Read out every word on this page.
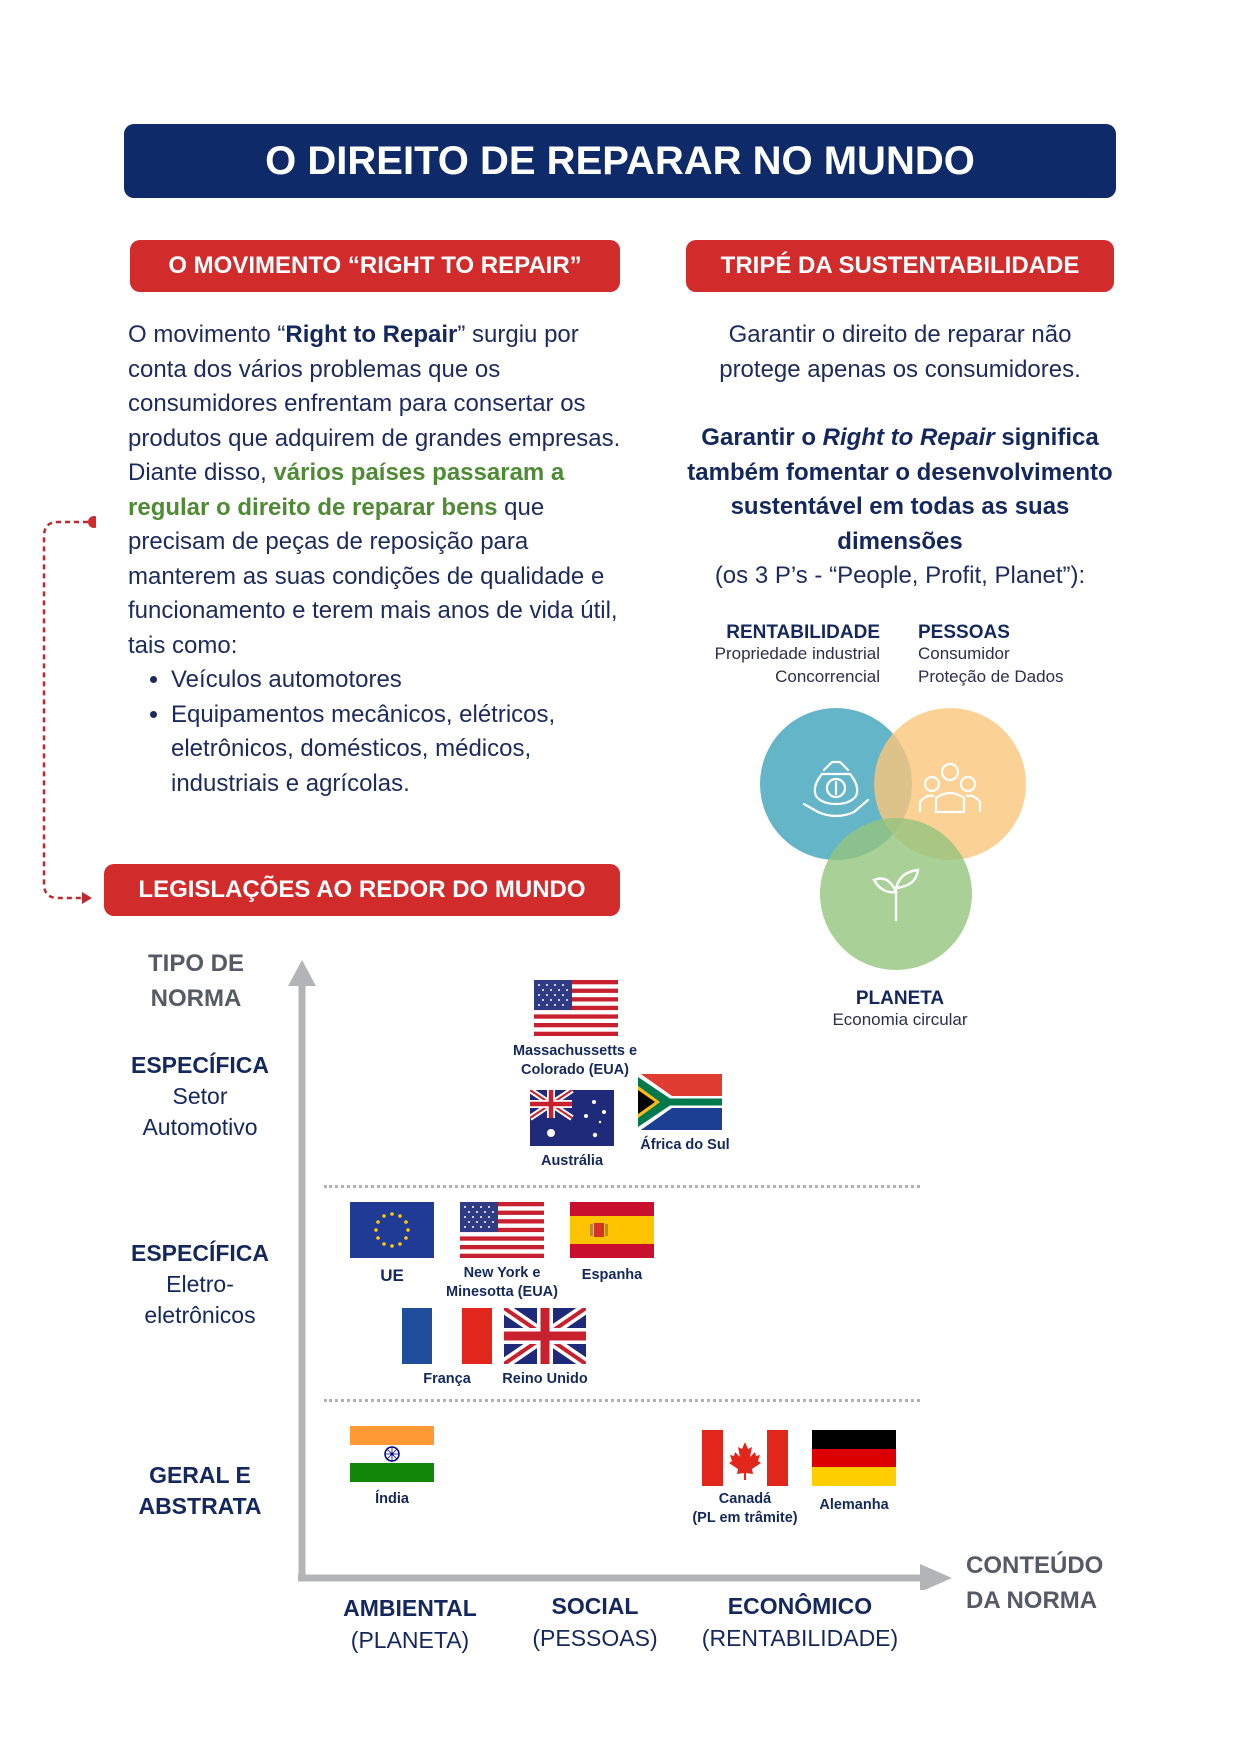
O DIREITO DE REPARAR NO MUNDO
O MOVIMENTO “RIGHT TO REPAIR”	TRIPÉ DA SUSTENTABILIDADE
O movimento “Right to Repair” surgiu por conta dos vários problemas que os consumidores enfrentam para consertar os produtos que adquirem de grandes empresas.
Diante disso, vários países passaram a regular o direito de reparar bens que precisam de peças de reposição para manterem as suas condições de qualidade e funcionamento e terem mais anos de vida útil, tais como:
• Veículos automotores
• Equipamentos mecânicos, elétricos, eletrônicos, domésticos, médicos, industriais e agrícolas.
Garantir o direito de reparar não protege apenas os consumidores.
Garantir o Right to Repair significa também fomentar o desenvolvimento sustentável em todas as suas dimensões
(os 3 P’s - “People, Profit, Planet”):
RENTABILIDADE
Propriedade industrial
Concorrencial
PESSOAS
Consumidor
Proteção de Dados
PLANETA
Economia circular
LEGISLAÇÕES AO REDOR DO MUNDO
TIPO DE
NORMA
CONTEÚDO
DA NORMA
ESPECÍFICA
Setor
Automotivo
ESPECÍFICA
Eletro-
eletrônicos
GERAL E
ABSTRATA
AMBIENTAL
(PLANETA)
SOCIAL
(PESSOAS)
ECONÔMICO
(RENTABILIDADE)
Massachussetts e
Colorado (EUA)
Austrália
África do Sul
UE	New York e
Minesotta (EUA)
Espanha
França	Reino Unido
Índia	Canadá
(PL em trâmite)
Alemanha
